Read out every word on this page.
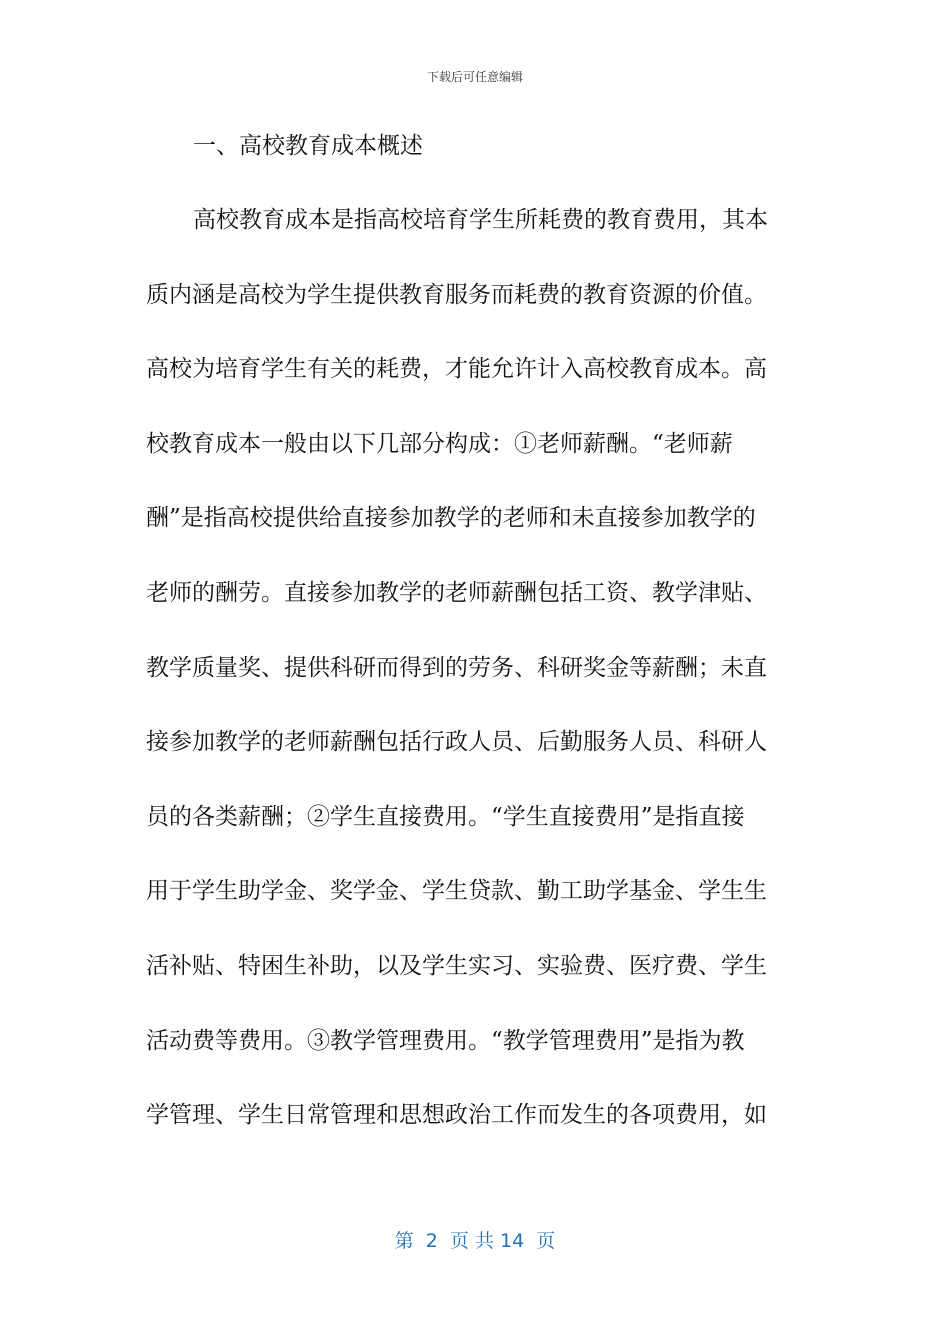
下载后可任意编辑
一、高校教育成本概述
高校教育成本是指高校培育学生所耗费的教育费用，其本
质内涵是高校为学生提供教育服务而耗费的教育资源的价值。
高校为培育学生有关的耗费，才能允许计入高校教育成本。高
校教育成本一般由以下几部分构成：①老师薪酬。“老师薪
酬”是指高校提供给直接参加教学的老师和未直接参加教学的
老师的酬劳。直接参加教学的老师薪酬包括工资、教学津贴、
教学质量奖、提供科研而得到的劳务、科研奖金等薪酬；未直
接参加教学的老师薪酬包括行政人员、后勤服务人员、科研人
员的各类薪酬；②学生直接费用。“学生直接费用”是指直接
用于学生助学金、奖学金、学生贷款、勤工助学基金、学生生
活补贴、特困生补助，以及学生实习、实验费、医疗费、学生
活动费等费用。③教学管理费用。“教学管理费用”是指为教
学管理、学生日常管理和思想政治工作而发生的各项费用，如
第  2  页 共 14  页
